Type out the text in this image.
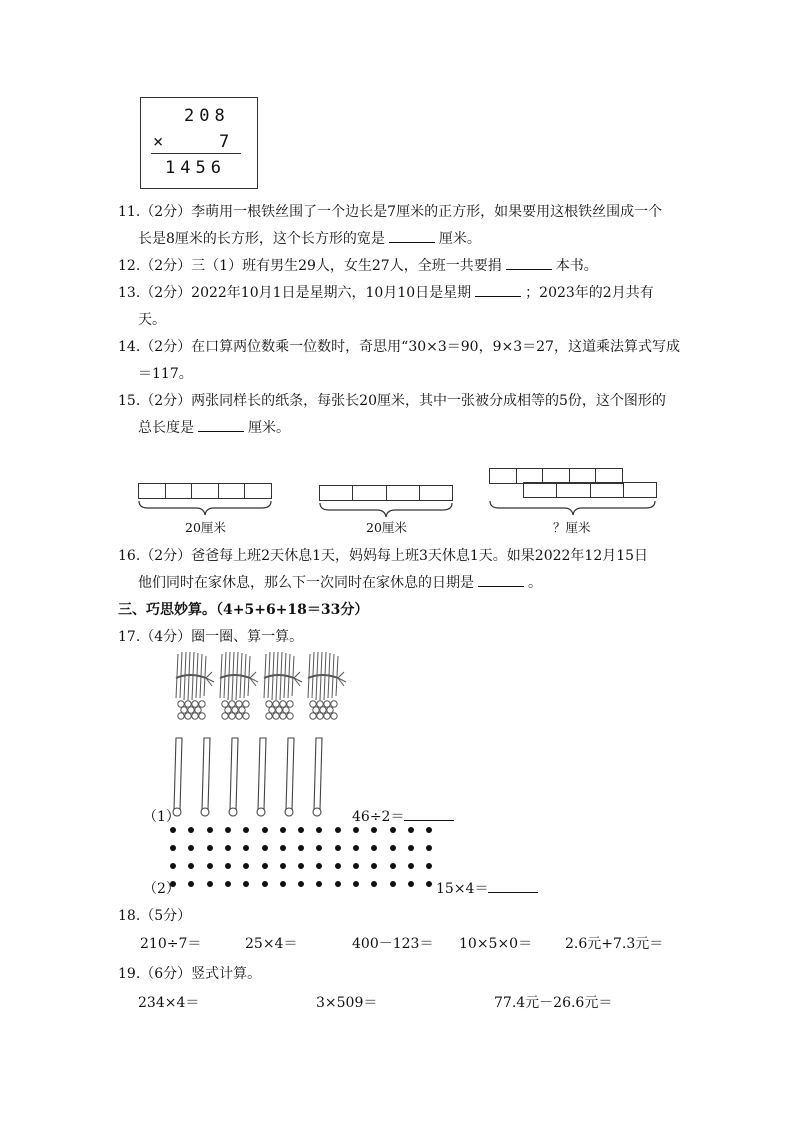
208
×	7
1456
11.（2分）李萌用一根铁丝围了一个边长是7厘米的正方形，如果要用这根铁丝围成一个
长是8厘米的长方形，这个长方形的宽是	厘米。
12.（2分）三（1）班有男生29人，女生27人，全班一共要捐	本书。
13.（2分）2022年10月1日是星期六，10月10日是星期	；2023年的2月共有
天。
14.（2分）在口算两位数乘一位数时，奇思用“30×3＝90，9×3＝27，这道乘法算式写成
＝117。
15.（2分）两张同样长的纸条，每张长20厘米，其中一张被分成相等的5份，这个图形的
总长度是	厘米。
20厘米	20厘米	？厘米
16.（2分）爸爸每上班2天休息1天，妈妈每上班3天休息1天。如果2022年12月15日
他们同时在家休息，那么下一次同时在家休息的日期是	。
三、巧思妙算。（4+5+6+18＝33分）
17.（4分）圈一圈、算一算。
（1）	46÷2＝
（2）	15×4＝
18.（5分）
210÷7＝	25×4＝	400－123＝ 10×5×0＝ 2.6元+7.3元＝
19.（6分）竖式计算。
234×4＝	3×509＝	77.4元－26.6元＝
